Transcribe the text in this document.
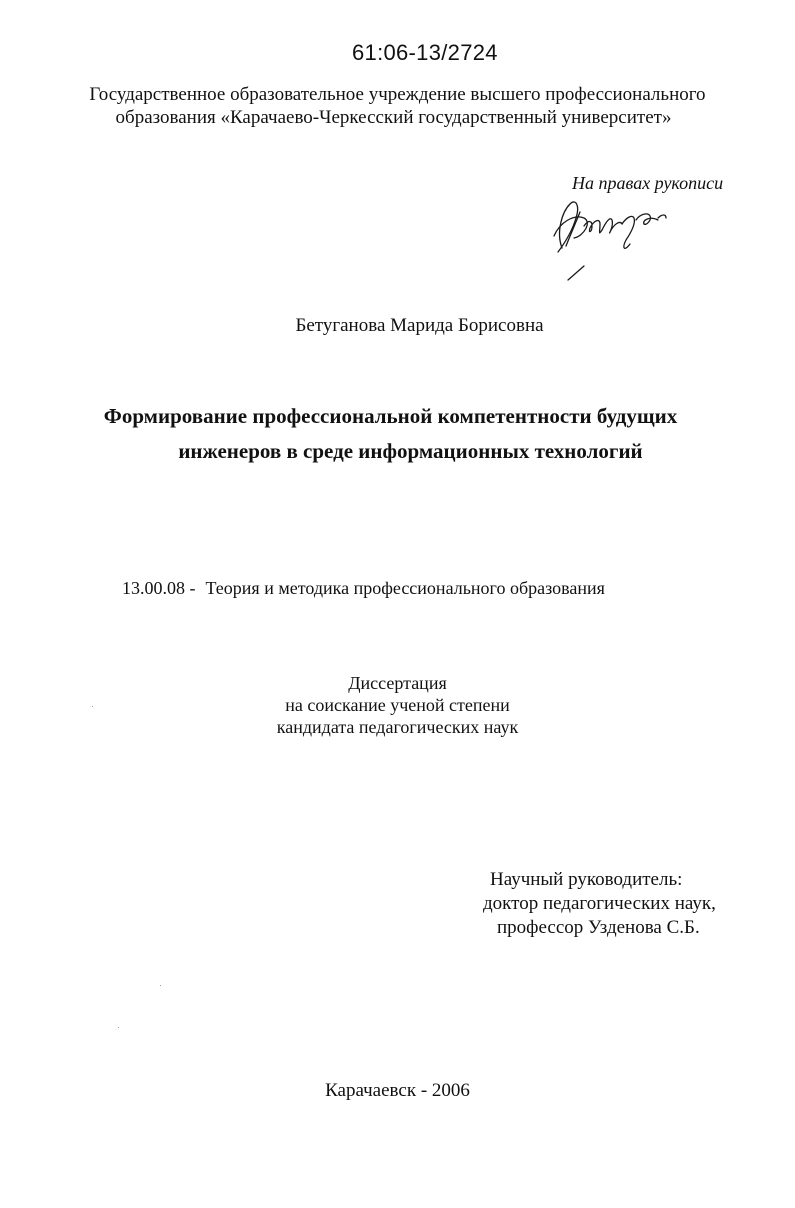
61:06-13/2724
Государственное образовательное учреждение высшего профессионального
образования «Карачаево-Черкесский государственный университет»
На правах рукописи
Бетуганова Марида Борисовна
Формирование профессиональной компетентности будущих
инженеров в среде информационных технологий
13.00.08 - Теория и методика профессионального образования
Диссертация
на соискание ученой степени
кандидата педагогических наук
Научный руководитель:
доктор педагогических наук,
профессор Узденова С.Б.
Карачаевск - 2006
